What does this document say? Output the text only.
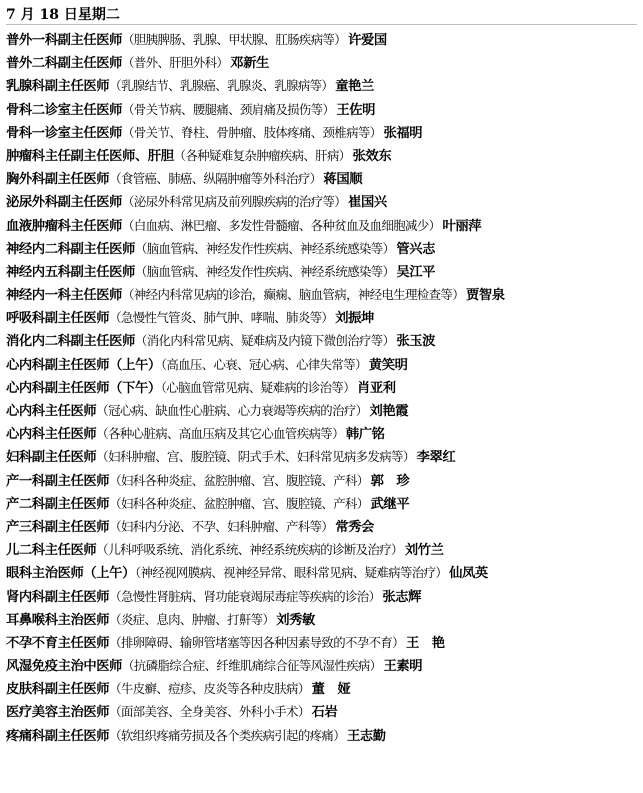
7 月 18 日星期二
普外一科副主任医师（胆胰脾肠、乳腺、甲状腺、肛肠疾病等） 许爱国
普外二科副主任医师（普外、肝胆外科） 邓新生
乳腺科副主任医师（乳腺结节、乳腺癌、乳腺炎、乳腺病等） 童艳兰
骨科二诊室主任医师（骨关节病、腰腿痛、颈肩痛及损伤等） 王佐明
骨科一诊室主任医师（骨关节、脊柱、骨肿瘤、肢体疼痛、颈椎病等） 张福明
肿瘤科主任副主任医师、肝胆（各种疑难复杂肿瘤疾病、肝病） 张效东
胸外科副主任医师（食管癌、肺癌、纵隔肿瘤等外科治疗） 蒋国顺
泌尿外科副主任医师（泌尿外科常见病及前列腺疾病的治疗等） 崔国兴
血液肿瘤科主任医师（白血病、淋巴瘤、多发性骨髓瘤、各种贫血及血细胞减少） 叶丽萍
神经内二科副主任医师（脑血管病、神经发作性疾病、神经系统感染等） 管兴志
神经内五科副主任医师（脑血管病、神经发作性疾病、神经系统感染等） 吴江平
神经内一科主任医师（神经内科常见病的诊治，癫痫、脑血管病，神经电生理检查等） 贾智泉
呼吸科副主任医师（急慢性气管炎、肺气肿、哮喘、肺炎等） 刘振坤
消化内二科副主任医师（消化内科常见病、疑难病及内镜下微创治疗等） 张玉波
心内科副主任医师（上午）（高血压、心衰、冠心病、心律失常等） 黄笑明
心内科副主任医师（下午）（心脑血管常见病、疑难病的诊治等） 肖亚利
心内科主任医师（冠心病、缺血性心脏病、心力衰竭等疾病的治疗） 刘艳霞
心内科主任医师（各种心脏病、高血压病及其它心血管疾病等） 韩广铭
妇科副主任医师（妇科肿瘤、宫、腹腔镜、阴式手术、妇科常见病多发病等） 李翠红
产一科副主任医师（妇科各种炎症、盆腔肿瘤、宫、腹腔镜、产科） 郭　珍
产二科副主任医师（妇科各种炎症、盆腔肿瘤、宫、腹腔镜、产科） 武继平
产三科副主任医师（妇科内分泌、不孕、妇科肿瘤、产科等） 常秀会
儿二科主任医师（儿科呼吸系统、消化系统、神经系统疾病的诊断及治疗） 刘竹兰
眼科主治医师（上午）（神经视网膜病、视神经异常、眼科常见病、疑难病等治疗） 仙凤英
肾内科副主任医师（急慢性肾脏病、肾功能衰竭尿毒症等疾病的诊治） 张志辉
耳鼻喉科主治医师（炎症、息肉、肿瘤、打鼾等） 刘秀敏
不孕不育主任医师（排卵障碍、输卵管堵塞等因各种因素导致的不孕不育） 王　艳
风湿免疫主治中医师（抗磷脂综合症、纤维肌痛综合征等风湿性疾病） 王素明
皮肤科副主任医师（牛皮癣、痘疹、皮炎等各种皮肤病） 董　娅
医疗美容主治医师（面部美容、全身美容、外科小手术） 石岩
疼痛科副主任医师（软组织疼痛劳损及各个类疾病引起的疼痛） 王志勤
